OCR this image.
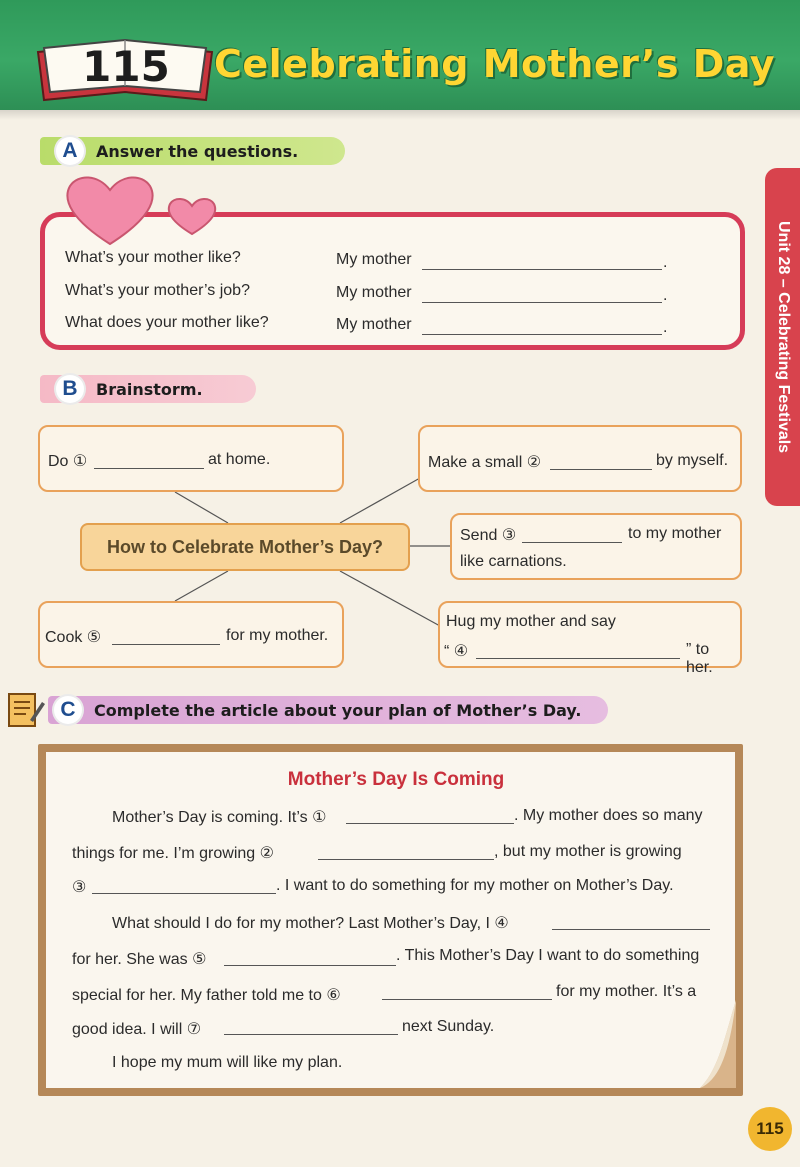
115 Celebrating Mother’s Day
Unit 28 – Celebrating Festivals
A	Answer the questions.
What’s your mother like?	My mother	.
What’s your mother’s job?	My mother	.
What does your mother like?	My mother	.
B	Brainstorm.
Do ①	at home.	Make a small ②	by myself.
How to Celebrate Mother’s Day?
Send ③	to my mother
like carnations.
Hug my mother and say
“ ④	” to her.
Cook ⑤	for my mother.
C	Complete the article about your plan of Mother’s Day.
Mother’s Day Is Coming
Mother’s Day is coming. It’s ①	. My mother does so many
things for me. I’m growing ②	, but my mother is growing
③	. I want to do something for my mother on Mother’s Day.
What should I do for my mother? Last Mother’s Day, I ④
for her. She was ⑤	. This Mother’s Day I want to do something
special for her. My father told me to ⑥	for my mother. It’s a
good idea. I will ⑦	next Sunday.
I hope my mum will like my plan.
115
